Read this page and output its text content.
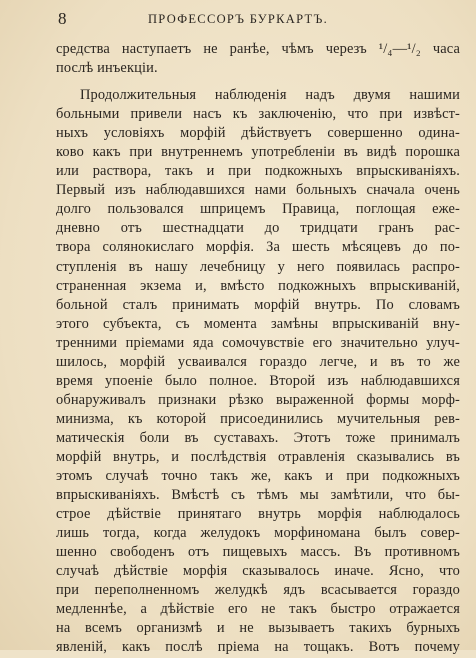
8	ПРОФЕССОРЪ БУРКАРТЪ.

средства наступаетъ не ранѣе, чѣмъ черезъ ¹/₄—¹/₂ часа
послѣ инъекціи.

Продолжительныя наблюденія надъ двумя нашими
больными привели насъ къ заключенію, что при извѣст-
ныхъ условіяхъ морфій дѣйствуетъ совершенно одина-
ково какъ при внутреннемъ употребленіи въ видѣ порошка
или раствора, такъ и при подкожныхъ впрыскиваніяхъ.
Первый изъ наблюдавшихся нами больныхъ сначала очень
долго пользовался шприцемъ Правица, поглощая еже-
дневно отъ шестнадцати до тридцати гранъ рас-
твора солянокислаго морфія. За шесть мѣсяцевъ до по-
ступленія въ нашу лечебницу у него появилась распро-
страненная экзема и, вмѣсто подкожныхъ впрыскиваній,
больной сталъ принимать морфій внутрь. По словамъ
этого субъекта, съ момента замѣны впрыскиваній вну-
тренними пріемами яда сомочувствіе его значительно улуч-
шилось, морфій усваивался гораздо легче, и въ то же
время упоеніе было полное. Второй изъ наблюдавшихся
обнаруживалъ признаки рѣзко выраженной формы морф-
минизма, къ которой присоединились мучительныя рев-
матическія боли въ суставахъ. Этотъ тоже принималъ
морфій внутрь, и послѣдствія отравленія сказывались въ
этомъ случаѣ точно такъ же, какъ и при подкожныхъ
впрыскиваніяхъ. Вмѣстѣ съ тѣмъ мы замѣтили, что бы-
строе дѣйствіе принятаго внутрь морфія наблюдалось
лишь тогда, когда желудокъ морфиномана былъ совер-
шенно свободенъ отъ пищевыхъ массъ. Въ противномъ
случаѣ дѣйствіе морфія сказывалось иначе. Ясно, что
при переполненномъ желудкѣ ядъ всасывается гораздо
медленнѣе, а дѣйствіе его не такъ быстро отражается
на всемъ организмѣ и не вызываетъ такихъ бурныхъ
явленій, какъ послѣ пріема на тощакъ. Вотъ почему
